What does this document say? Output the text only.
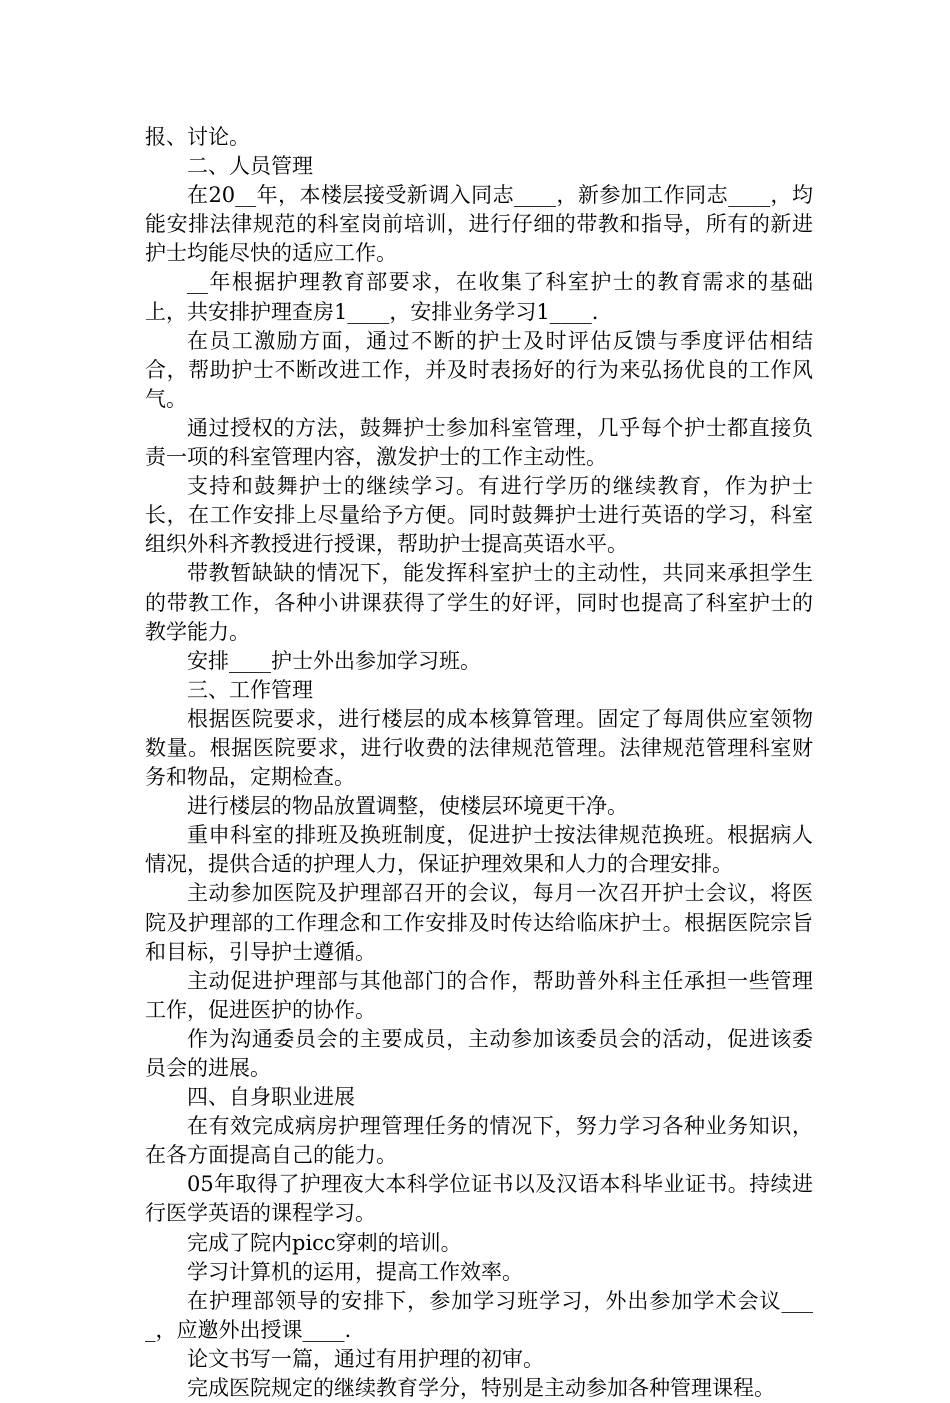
报、讨论。

二、人员管理

在20__年，本楼层接受新调入同志____，新参加工作同志____，均能安排法律规范的科室岗前培训，进行仔细的带教和指导，所有的新进护士均能尽快的适应工作。

__年根据护理教育部要求，在收集了科室护士的教育需求的基础上，共安排护理查房1____，安排业务学习1____.

在员工激励方面，通过不断的护士及时评估反馈与季度评估相结合，帮助护士不断改进工作，并及时表扬好的行为来弘扬优良的工作风气。

通过授权的方法，鼓舞护士参加科室管理，几乎每个护士都直接负责一项的科室管理内容，激发护士的工作主动性。

支持和鼓舞护士的继续学习。有进行学历的继续教育，作为护士长，在工作安排上尽量给予方便。同时鼓舞护士进行英语的学习，科室组织外科齐教授进行授课，帮助护士提高英语水平。

带教暂缺缺的情况下，能发挥科室护士的主动性，共同来承担学生的带教工作，各种小讲课获得了学生的好评，同时也提高了科室护士的教学能力。

安排____护士外出参加学习班。

三、工作管理

根据医院要求，进行楼层的成本核算管理。固定了每周供应室领物数量。根据医院要求，进行收费的法律规范管理。法律规范管理科室财务和物品，定期检查。

进行楼层的物品放置调整，使楼层环境更干净。

重申科室的排班及换班制度，促进护士按法律规范换班。根据病人情况，提供合适的护理人力，保证护理效果和人力的合理安排。

主动参加医院及护理部召开的会议，每月一次召开护士会议，将医院及护理部的工作理念和工作安排及时传达给临床护士。根据医院宗旨和目标，引导护士遵循。

主动促进护理部与其他部门的合作，帮助普外科主任承担一些管理工作，促进医护的协作。

作为沟通委员会的主要成员，主动参加该委员会的活动，促进该委员会的进展。

四、自身职业进展

在有效完成病房护理管理任务的情况下，努力学习各种业务知识，在各方面提高自己的能力。

05年取得了护理夜大本科学位证书以及汉语本科毕业证书。持续进行医学英语的课程学习。

完成了院内picc穿刺的培训。

学习计算机的运用，提高工作效率。

在护理部领导的安排下，参加学习班学习，外出参加学术会议____，应邀外出授课____.

论文书写一篇，通过有用护理的初审。

完成医院规定的继续教育学分，特别是主动参加各种管理课程。
